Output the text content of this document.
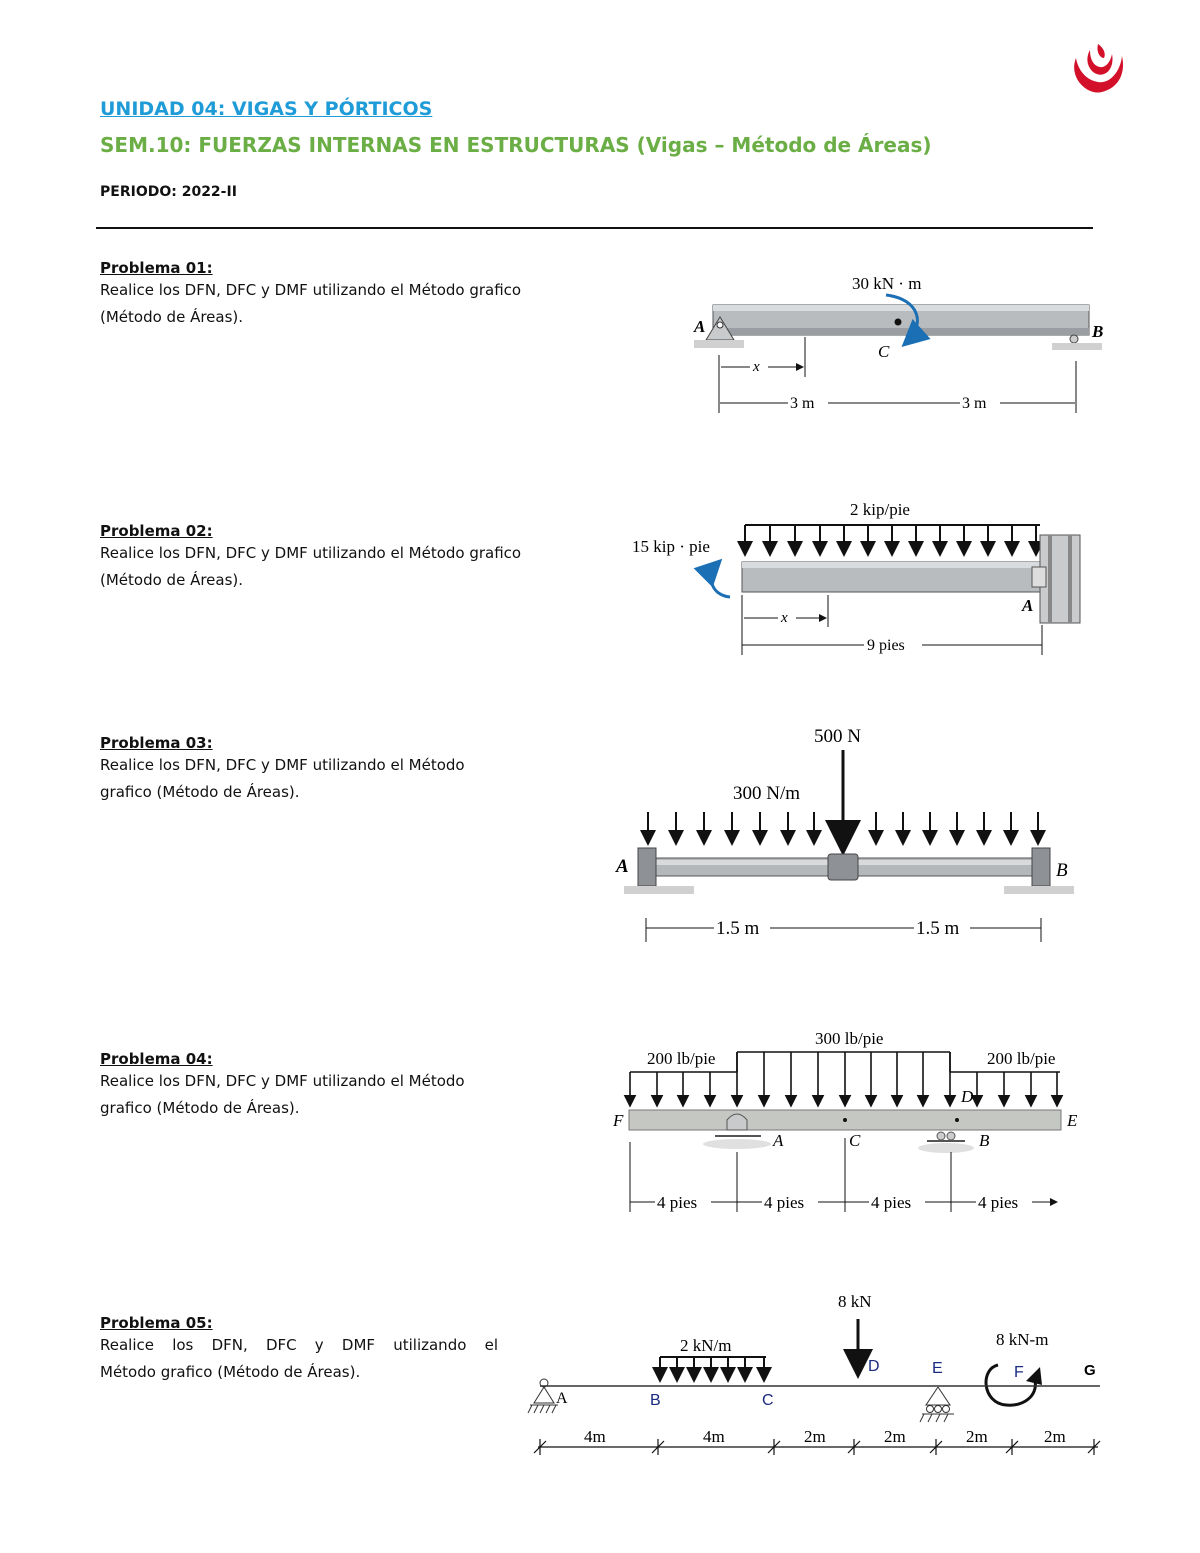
UNIDAD 04: VIGAS Y PÓRTICOS
SEM.10: FUERZAS INTERNAS EN ESTRUCTURAS (Vigas – Método de Áreas)
PERIODO: 2022-II
Problema 01:
Realice los DFN, DFC y DMF utilizando el Método grafico
(Método de Áreas).
30 kN · m
A	B
C
x
3 m	3 m
Problema 02:
Realice los DFN, DFC y DMF utilizando el Método grafico
(Método de Áreas).
2 kip/pie
15 kip · pie
A
x
9 pies
Problema 03:
Realice los DFN, DFC y DMF utilizando el Método
grafico (Método de Áreas).
500 N
300 N/m
A	B
1.5 m	1.5 m
Problema 04:
Realice los DFN, DFC y DMF utilizando el Método
grafico (Método de Áreas).
300 lb/pie
200 lb/pie	200 lb/pie
F	E
A	C
D
B
4 pies	4 pies	4 pies	4 pies
Problema 05:
Realice los DFN, DFC y DMF utilizando el
Método grafico (Método de Áreas).
8 kN
2 kN/m	8 kN-m
A	B	C
D	E	F	G
4m	4m	2m	2m	2m	2m
